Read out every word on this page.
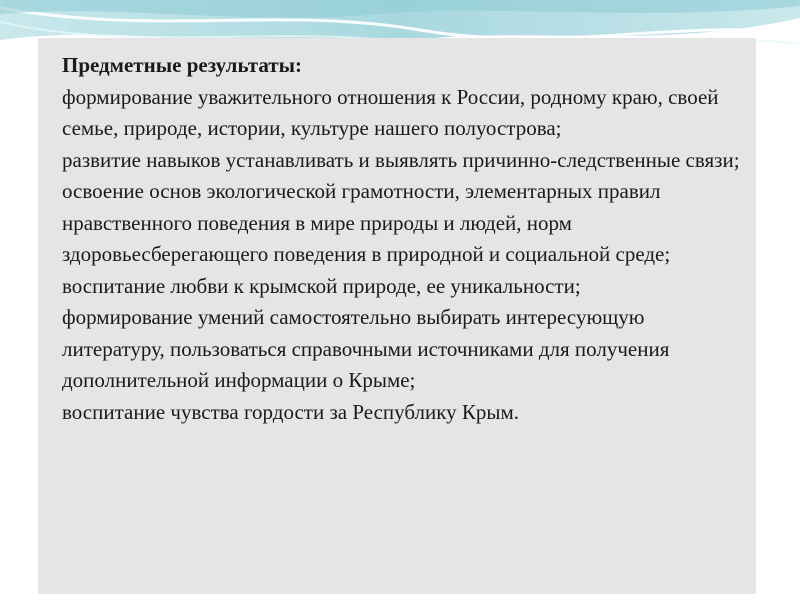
Предметные результаты:

формирование уважительного отношения к России, родному краю, своей семье, природе, истории, культуре нашего полуострова;

развитие навыков устанавливать и выявлять причинно-следственные связи;

освоение основ экологической грамотности, элементарных правил нравственного поведения в мире природы и людей, норм здоровьесберегающего поведения в природной и социальной среде;

воспитание любви к крымской природе, ее уникальности;

формирование умений самостоятельно выбирать интересующую литературу, пользоваться справочными источниками для получения дополнительной информации о Крыме;

воспитание чувства гордости за Республику Крым.
